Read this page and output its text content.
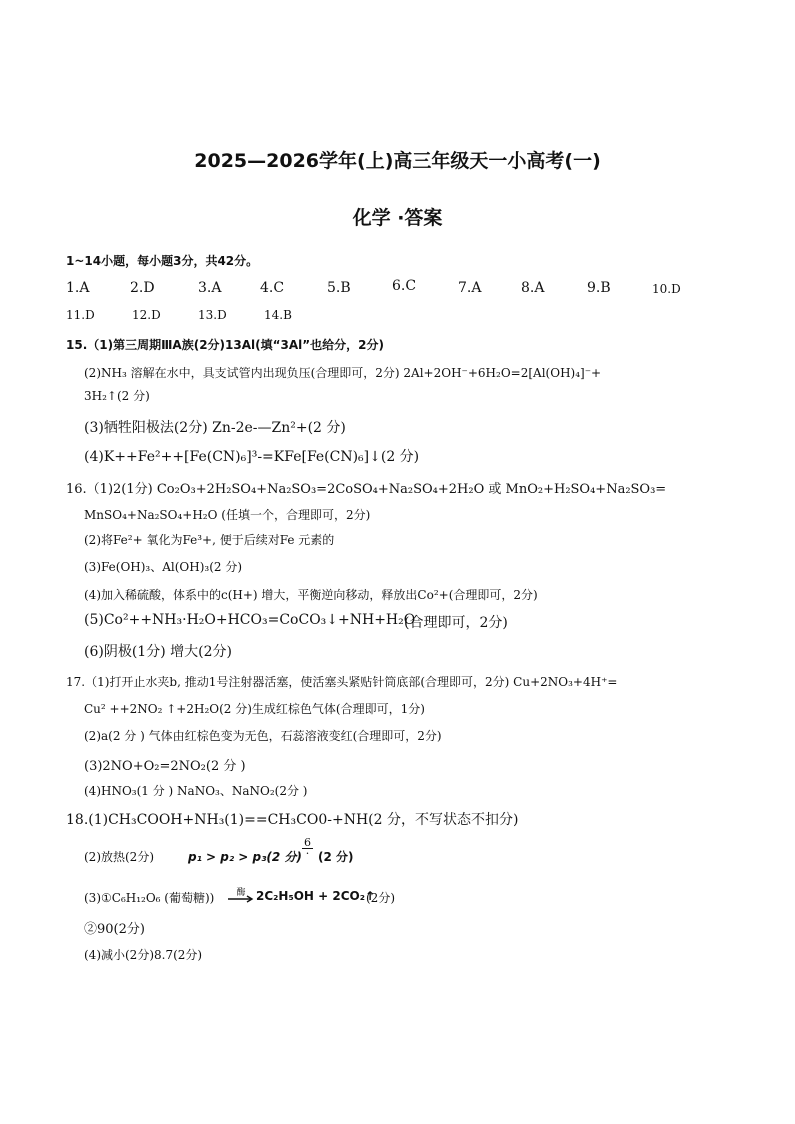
2025—2026学年(上)高三年级天一小高考(一)
化学 ·答案
1~14小题，每小题3分，共42分。
1.A	2.D	3.A	4.C	5.B	6.C	7.A	8.A	9.B	10.D
11.D	12.D	13.D	14.B
15.（1)第三周期ⅢA族(2分)13Al(填“3Al”也给分，2分)
(2)NH₃ 溶解在水中，具支试管内出现负压(合理即可，2分) 2Al+2OH⁻+6H₂O=2[Al(OH)₄]⁻+
3H₂↑(2 分)
(3)牺牲阳极法(2分) Zn-2e-—Zn²+(2 分)
(4)K++Fe²++[Fe(CN)₆]³-=KFe[Fe(CN)₆]↓(2 分)
16.（1)2(1分) Co₂O₃+2H₂SO₄+Na₂SO₃=2CoSO₄+Na₂SO₄+2H₂O 或 MnO₂+H₂SO₄+Na₂SO₃=
MnSO₄+Na₂SO₄+H₂O (任填一个，合理即可，2分)
(2)将Fe²+ 氧化为Fe³+, 便于后续对Fe 元素的
(3)Fe(OH)₃、Al(OH)₃(2 分)
(4)加入稀硫酸，体系中的c(H+) 增大，平衡逆向移动，释放出Co²+(合理即可，2分)
(5)Co²++NH₃·H₂O+HCO₃=CoCO₃↓+NH+H₂O
(合理即可，2分)
(6)阴极(1分) 增大(2分)
17.（1)打开止水夹b, 推动1号注射器活塞，使活塞头紧贴针筒底部(合理即可，2分) Cu+2NO₃+4H⁺=
Cu² ++2NO₂ ↑+2H₂O(2 分)生成红棕色气体(合理即可，1分)
(2)a(2 分 ) 气体由红棕色变为无色，石蕊溶液变红(合理即可，2分)
(3)2NO+O₂=2NO₂(2 分 )
(4)HNO₃(1 分 ) NaNO₃、NaNO₂(2分 )
18.(1)CH₃COOH+NH₃(1)==CH₃CO0-+NH(2 分，不写状态不扣分)
(2)放热(2分)	p₁ > p₂ > p₃(2 分) $\frac{6}{\cdot} (2$ 分)
(3)①C₆H₁₂O₆ (葡萄糖))	酶 2C₂H₅OH + 2CO₂↑
(2分)
②90(2分)
(4)减小(2分)8.7(2分)
